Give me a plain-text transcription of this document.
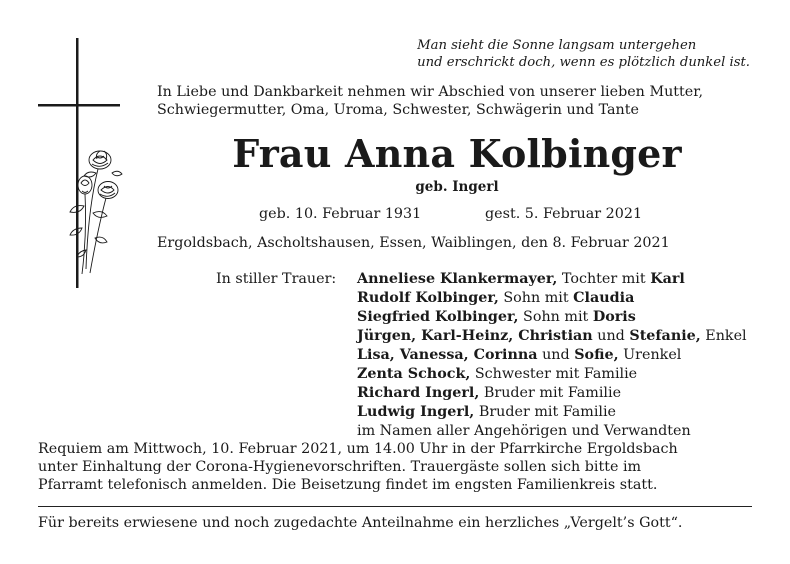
Man sieht die Sonne langsam untergehen
und erschrickt doch, wenn es plötzlich dunkel ist.
In Liebe und Dankbarkeit nehmen wir Abschied von unserer lieben Mutter,
Schwiegermutter, Oma, Uroma, Schwester, Schwägerin und Tante
Frau Anna Kolbinger
geb. Ingerl
geb. 10. Februar 1931	gest. 5. Februar 2021
Ergoldsbach, Ascholtshausen, Essen, Waiblingen, den 8. Februar 2021
In stiller Trauer: Anneliese Klankermayer, Tochter mit Karl
Rudolf Kolbinger, Sohn mit Claudia
Siegfried Kolbinger, Sohn mit Doris
Jürgen, Karl-Heinz, Christian und Stefanie, Enkel
Lisa, Vanessa, Corinna und Sofie, Urenkel
Zenta Schock, Schwester mit Familie
Richard Ingerl, Bruder mit Familie
Ludwig Ingerl, Bruder mit Familie
im Namen aller Angehörigen und Verwandten
Requiem am Mittwoch, 10. Februar 2021, um 14.00 Uhr in der Pfarrkirche Ergoldsbach
unter Einhaltung der Corona-Hygienevorschriften. Trauergäste sollen sich bitte im
Pfarramt telefonisch anmelden. Die Beisetzung findet im engsten Familienkreis statt.
Für bereits erwiesene und noch zugedachte Anteilnahme ein herzliches „Vergelt’s Gott“.
